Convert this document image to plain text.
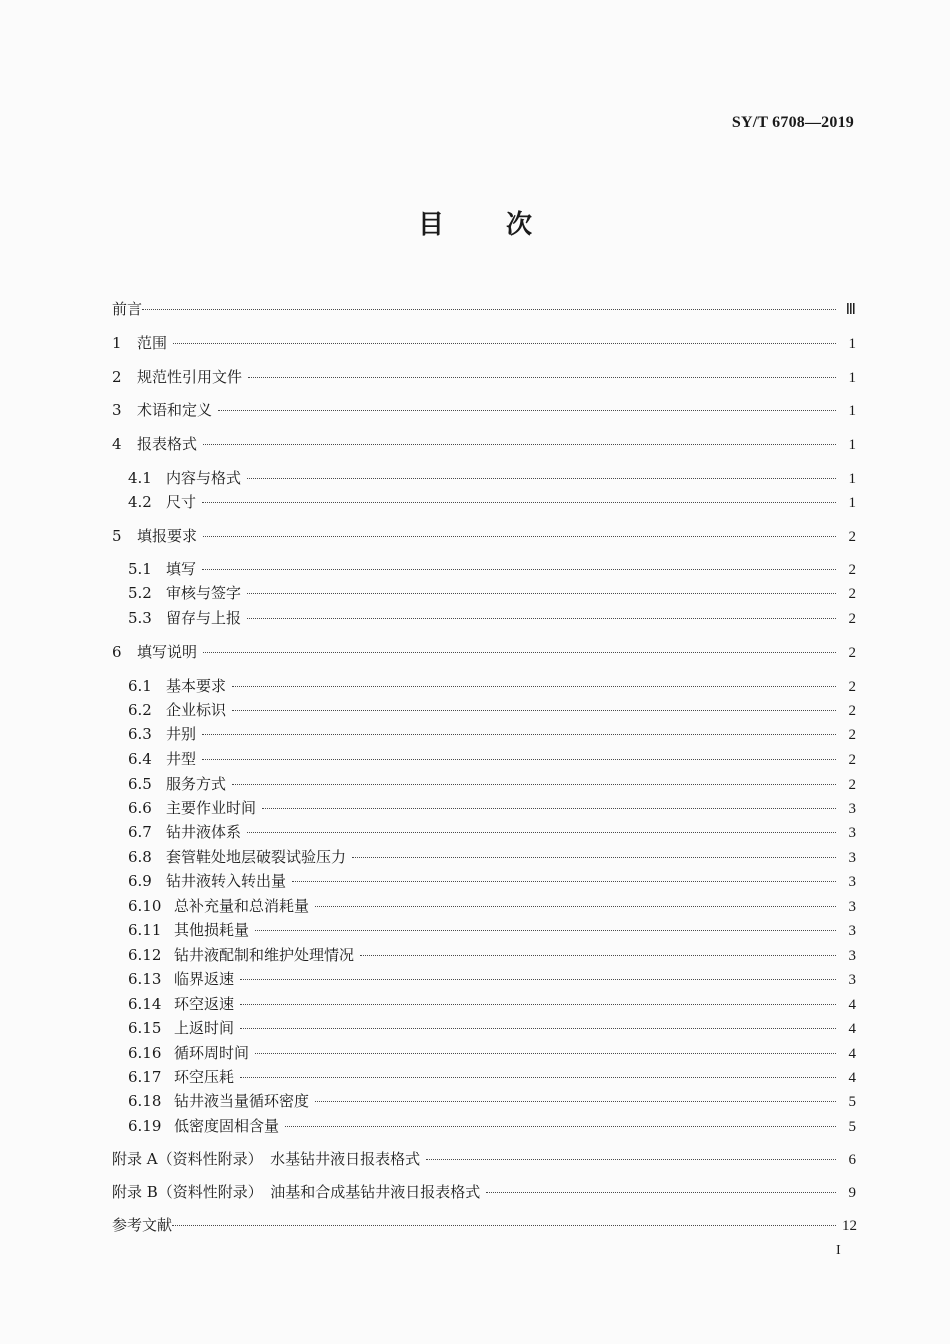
SY/T 6708—2019
目次
前言	Ⅲ
1	范围	1
2	规范性引用文件	1
3	术语和定义	1
4	报表格式	1
4.1 内容与格式	1
4.2 尺寸	1
5	填报要求	2
5.1 填写	2
5.2 审核与签字	2
5.3 留存与上报	2
6	填写说明	2
6.1 基本要求	2
6.2 企业标识	2
6.3 井别	2
6.4 井型	2
6.5 服务方式	2
6.6 主要作业时间	3
6.7 钻井液体系	3
6.8 套管鞋处地层破裂试验压力	3
6.9 钻井液转入转出量	3
6.10 总补充量和总消耗量	3
6.11 其他损耗量	3
6.12 钻井液配制和维护处理情况	3
6.13 临界返速	3
6.14 环空返速	4
6.15 上返时间	4
6.16 循环周时间	4
6.17 环空压耗	4
6.18 钻井液当量循环密度	5
6.19 低密度固相含量	5
附录 A （资料性附录）　水基钻井液日报表格式	6
附录 B （资料性附录）　油基和合成基钻井液日报表格式	9
参考文献	12
I
